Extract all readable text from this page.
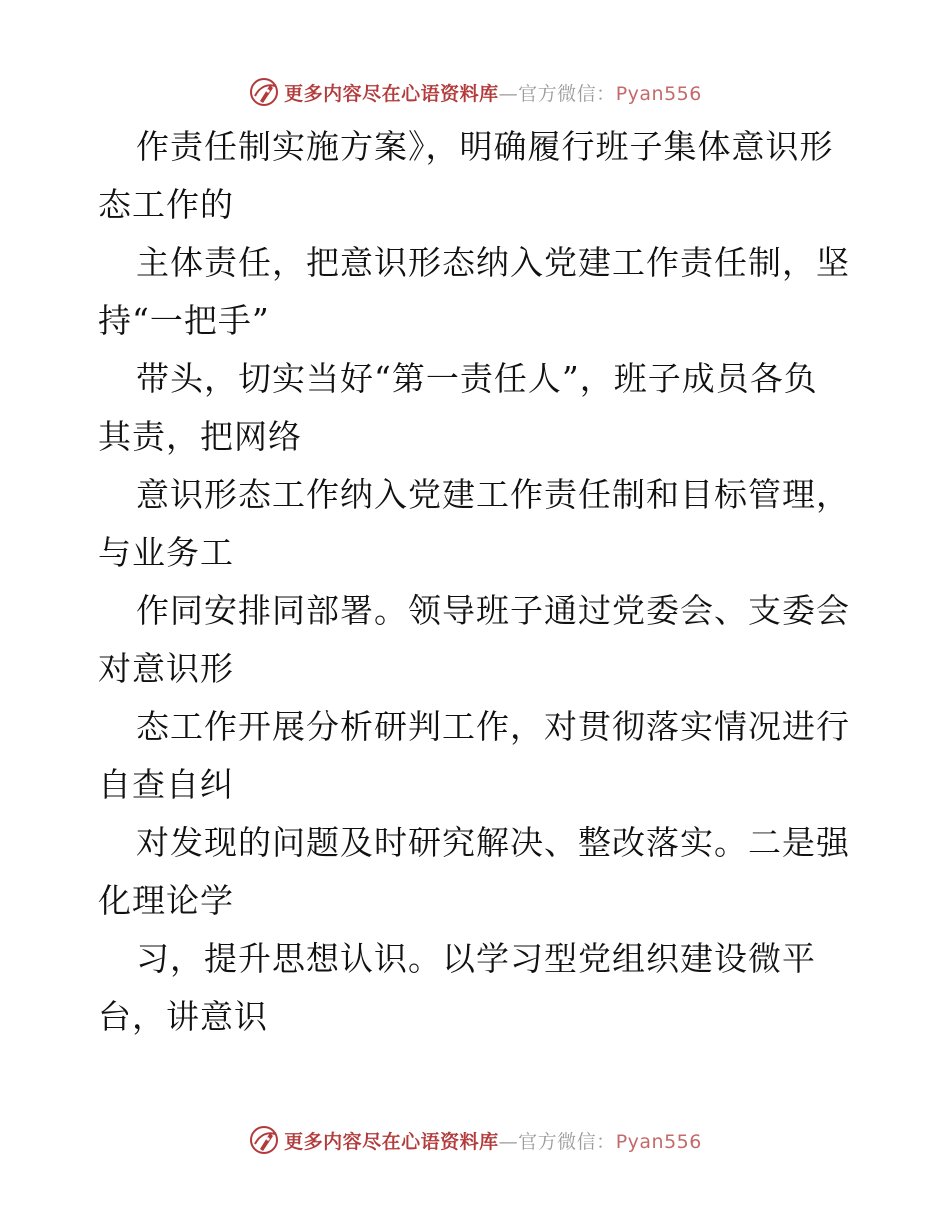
更多内容尽在心语资料库—官方微信：Pyan556
作责任制实施方案》，明确履行班子集体意识形
态工作的
主体责任，把意识形态纳入党建工作责任制，坚
持“一把手”
带头，切实当好“第一责任人”，班子成员各负
其责，把网络
意识形态工作纳入党建工作责任制和目标管理，
与业务工
作同安排同部署。领导班子通过党委会、支委会
对意识形
态工作开展分析研判工作，对贯彻落实情况进行
自查自纠
对发现的问题及时研究解决、整改落实。二是强
化理论学
习，提升思想认识。以学习型党组织建设微平
台，讲意识
更多内容尽在心语资料库—官方微信：Pyan556
